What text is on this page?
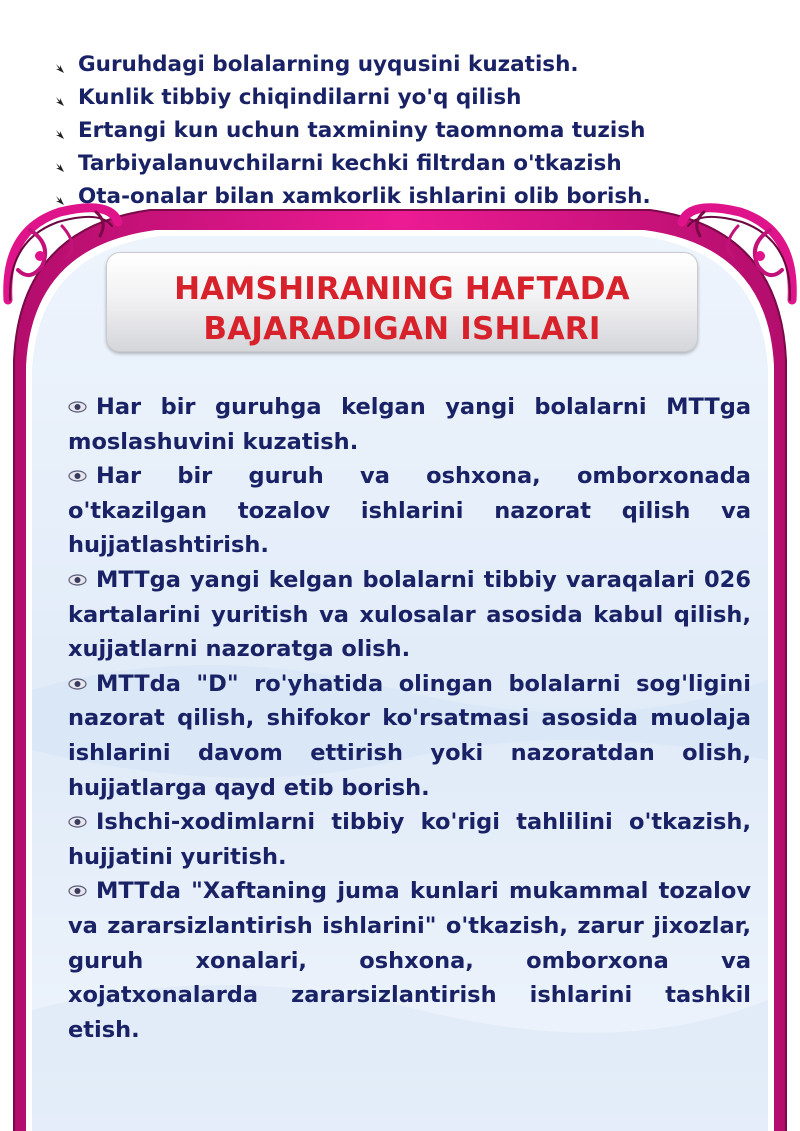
Guruhdagi bolalarning uyqusini kuzatish.
Kunlik tibbiy chiqindilarni yo'q qilish
Ertangi kun uchun taxmininy taomnoma tuzish
Tarbiyalanuvchilarni kechki filtrdan o'tkazish
Ota-onalar bilan xamkorlik ishlarini olib borish.
HAMSHIRANING HAFTADA
BAJARADIGAN ISHLARI

Har bir guruhga kelgan yangi bolalarni MTTga moslashuvini kuzatish.

Har bir guruh va oshxona, omborxonada o'tkazilgan tozalov ishlarini nazorat qilish va hujjatlashtirish.

MTTga yangi kelgan bolalarni tibbiy varaqalari 026 kartalarini yuritish va xulosalar asosida kabul qilish, xujjatlarni nazoratga olish.

MTTda "D" ro'yhatida olingan bolalarni sog'ligini nazorat qilish, shifokor ko'rsatmasi asosida muolaja ishlarini davom ettirish yoki nazoratdan olish, hujjatlarga qayd etib borish.

Ishchi-xodimlarni tibbiy ko'rigi tahlilini o'tkazish, hujjatini yuritish.

MTTda "Xaftaning juma kunlari mukammal tozalov va zararsizlantirish ishlarini" o'tkazish, zarur jixozlar, guruh xonalari, oshxona, omborxona va xojatxonalarda zararsizlantirish ishlarini tashkil etish.
